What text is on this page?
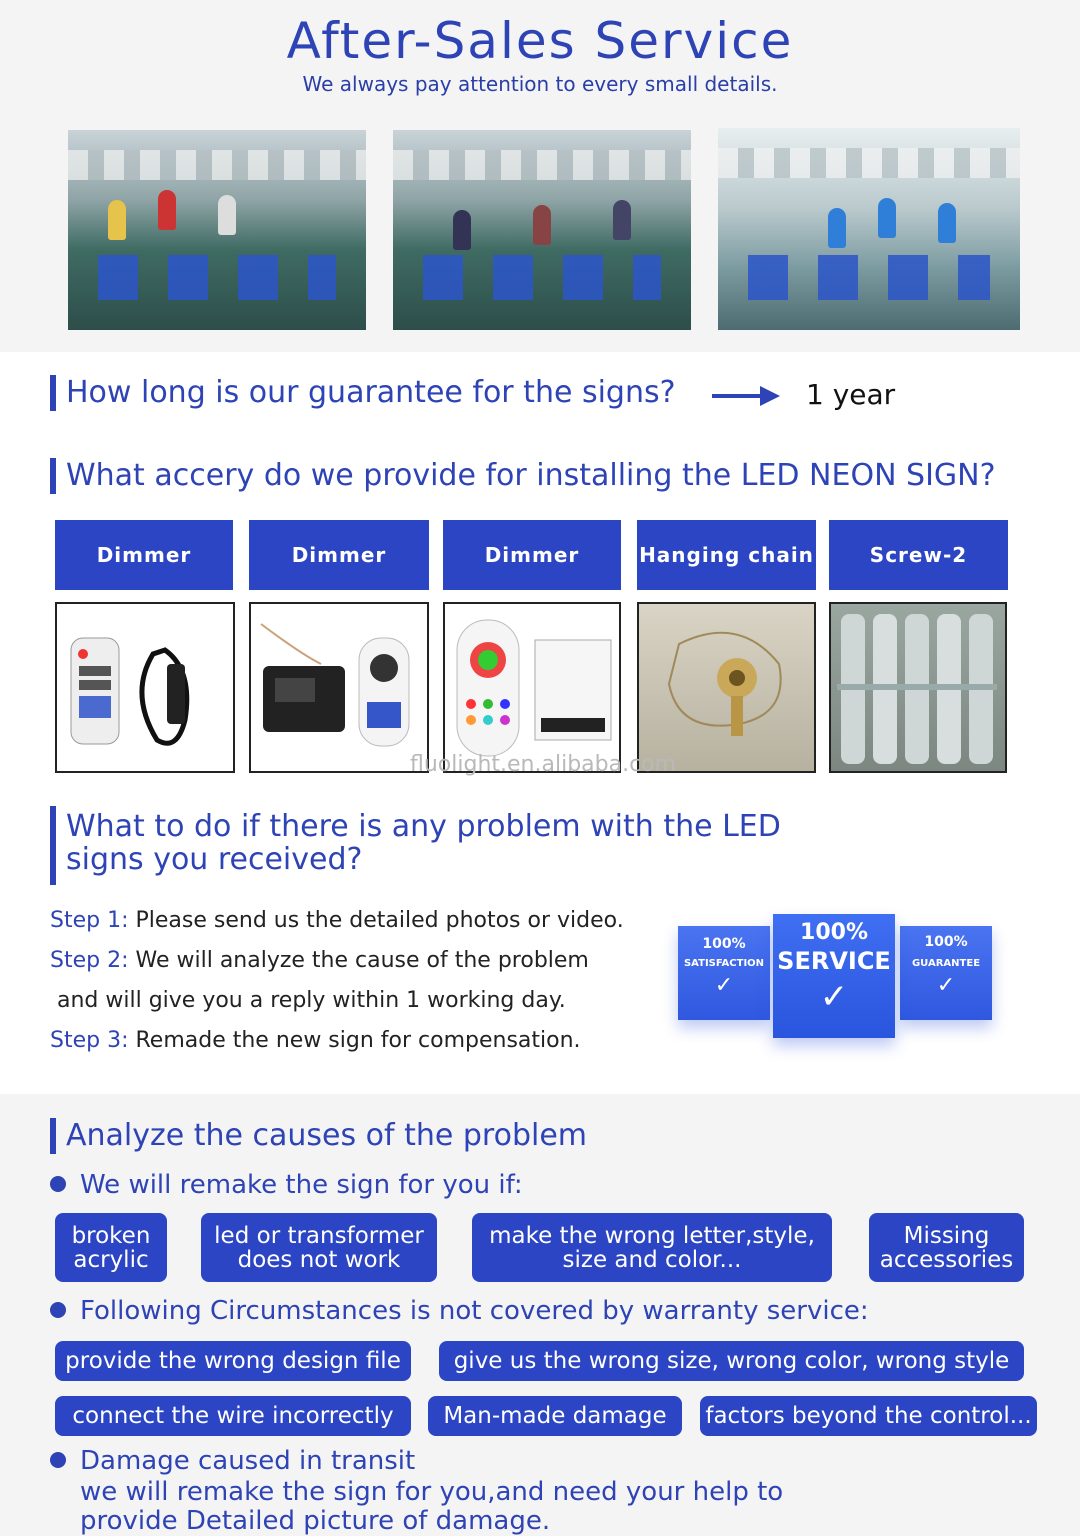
After-Sales Service
We always pay attention to every small details.
How long is our guarantee for the signs?	1 year
What accery do we provide for installing the LED NEON SIGN?
Dimmer	Dimmer	Dimmer	Hanging chain	Screw-2
fluolight.en.alibaba.com
What to do if there is any problem with the LED
signs you received?
Step 1: Please send us the detailed photos or video.
Step 2: We will analyze the cause of the problem
and will give you a reply within 1 working day.
Step 3: Remade the new sign for compensation.
100%
SATISFACTION
✓
100%
GUARANTEE
✓
100%
SERVICE
✓
Analyze the causes of the problem
We will remake the sign for you if:
broken
acrylic
led or transformer
does not work
make the wrong letter,style,
size and color...
Missing
accessories
Following Circumstances is not covered by warranty service:
provide the wrong design file	give us the wrong size, wrong color, wrong style
connect the wire incorrectly	Man-made damage	factors beyond the control...
Damage caused in transit
we will remake the sign for you,and need your help to
provide Detailed picture of damage.
